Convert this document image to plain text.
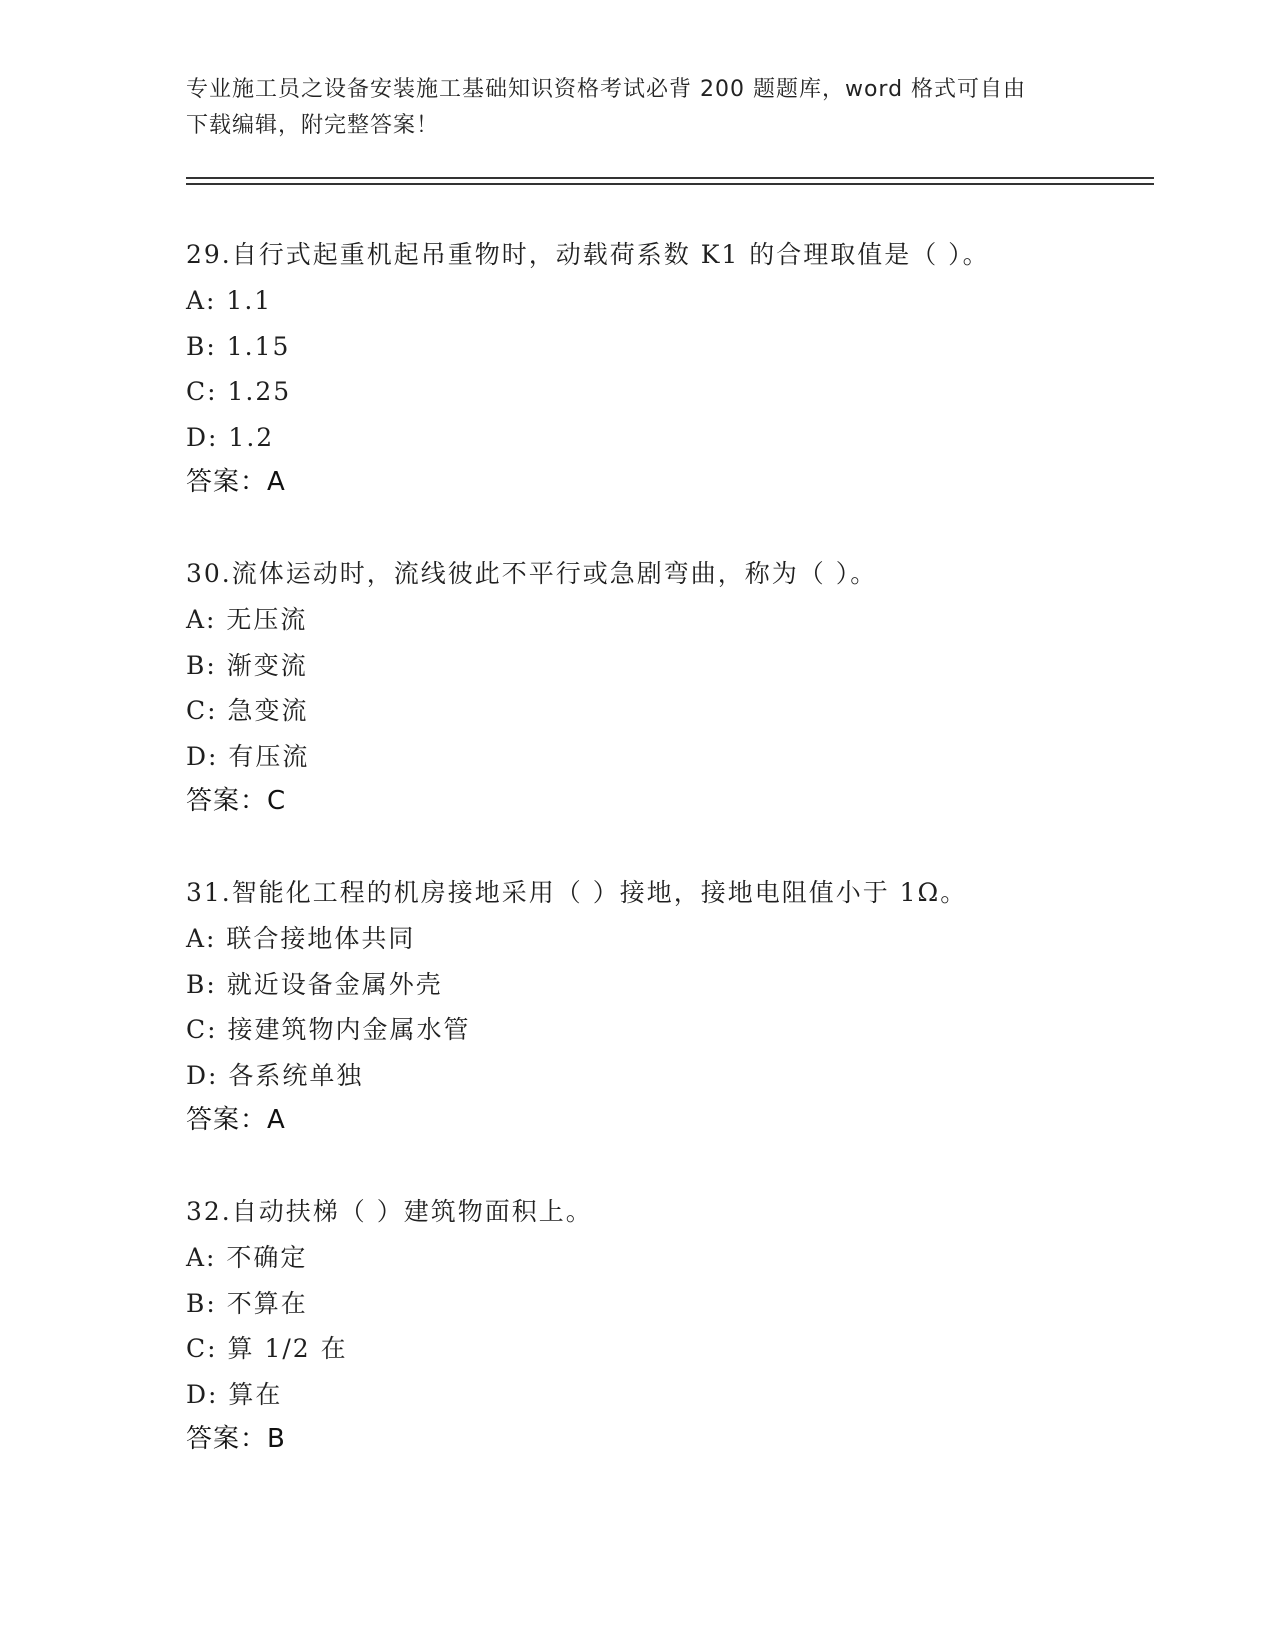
专业施工员之设备安装施工基础知识资格考试必背 200 题题库，word 格式可自由
下载编辑，附完整答案！
29.自行式起重机起吊重物时，动载荷系数 K1 的合理取值是（ ）。
A: 1.1
B: 1.15
C: 1.25
D: 1.2
答案：A
30.流体运动时，流线彼此不平行或急剧弯曲，称为（ ）。
A: 无压流
B: 渐变流
C: 急变流
D: 有压流
答案：C
31.智能化工程的机房接地采用（ ）接地，接地电阻值小于 1Ω。
A: 联合接地体共同
B: 就近设备金属外壳
C: 接建筑物内金属水管
D: 各系统单独
答案：A
32.自动扶梯（ ）建筑物面积上。
A: 不确定
B: 不算在
C: 算 1/2 在
D: 算在
答案：B
